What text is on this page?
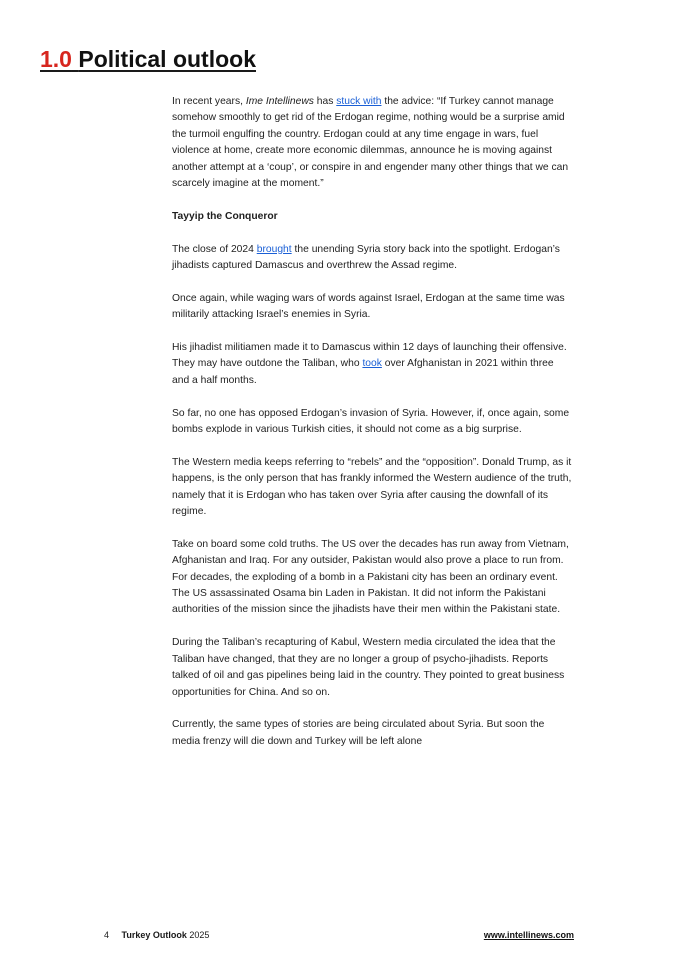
1.0 Political outlook

In recent years, Ime Intellinews has stuck with the advice: “If Turkey cannot manage somehow smoothly to get rid of the Erdogan regime, nothing would be a surprise amid the turmoil engulfing the country. Erdogan could at any time engage in wars, fuel violence at home, create more economic dilemmas, announce he is moving against another attempt at a ‘coup’, or conspire in and engender many other things that we can scarcely imagine at the moment.”

Tayyip the Conqueror

The close of 2024 brought the unending Syria story back into the spotlight. Erdogan’s jihadists captured Damascus and overthrew the Assad regime.

Once again, while waging wars of words against Israel, Erdogan at the same time was militarily attacking Israel’s enemies in Syria.

His jihadist militiamen made it to Damascus within 12 days of launching their offensive. They may have outdone the Taliban, who took over Afghanistan in 2021 within three and a half months.

So far, no one has opposed Erdogan’s invasion of Syria. However, if, once again, some bombs explode in various Turkish cities, it should not come as a big surprise.

The Western media keeps referring to “rebels” and the “opposition”. Donald Trump, as it happens, is the only person that has frankly informed the Western audience of the truth, namely that it is Erdogan who has taken over Syria after causing the downfall of its regime.

Take on board some cold truths. The US over the decades has run away from Vietnam, Afghanistan and Iraq. For any outsider, Pakistan would also prove a place to run from. For decades, the exploding of a bomb in a Pakistani city has been an ordinary event. The US assassinated Osama bin Laden in Pakistan. It did not inform the Pakistani authorities of the mission since the jihadists have their men within the Pakistani state.

During the Taliban’s recapturing of Kabul, Western media circulated the idea that the Taliban have changed, that they are no longer a group of psycho-jihadists. Reports talked of oil and gas pipelines being laid in the country. They pointed to great business opportunities for China. And so on.

Currently, the same types of stories are being circulated about Syria. But soon the media frenzy will die down and Turkey will be left alone

4 Turkey Outlook 2025	www.intellinews.com
